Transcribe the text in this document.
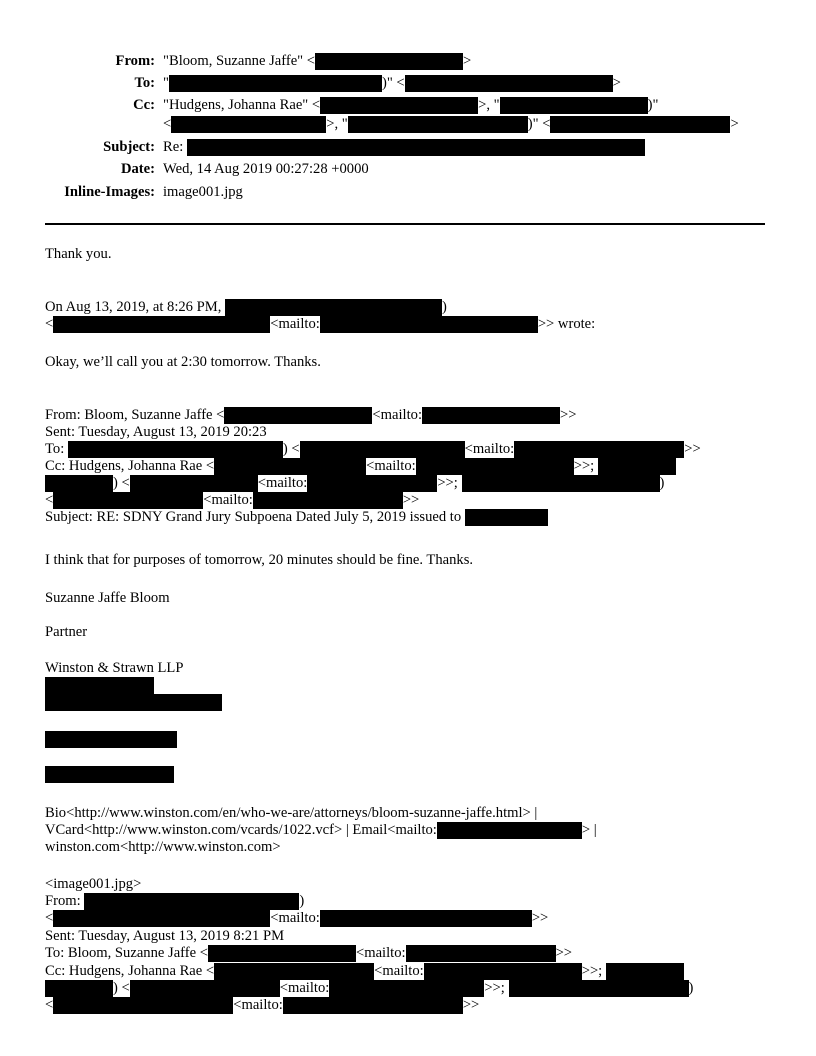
From: "Bloom, Suzanne Jaffe" <	>
To: "	)" <	>
Cc: "Hudgens, Johanna Rae" <	>, "	)"
<	>, "	)" <	>
Subject: Re:
Date: Wed, 14 Aug 2019 00:27:28 +0000
Inline-Images: image001.jpg
Thank you.
On Aug 13, 2019, at 8:26 PM,	)
<	<mailto:	>> wrote:
Okay, we’ll call you at 2:30 tomorrow. Thanks.
From: Bloom, Suzanne Jaffe <	<mailto:	>>
Sent: Tuesday, August 13, 2019 20:23
To:	) <	<mailto:	>>
Cc: Hudgens, Johanna Rae <	<mailto:	>>;
) <	<mailto:	>>;	)
<	<mailto:	>>
Subject: RE: SDNY Grand Jury Subpoena Dated July 5, 2019 issued to
I think that for purposes of tomorrow, 20 minutes should be fine. Thanks.
Suzanne Jaffe Bloom
Partner
Winston & Strawn LLP
Bio<http://www.winston.com/en/who-we-are/attorneys/bloom-suzanne-jaffe.html> |
VCard<http://www.winston.com/vcards/1022.vcf> | Email<mailto:	> |
winston.com<http://www.winston.com>
<image001.jpg>
From:	)
<	<mailto:	>>
Sent: Tuesday, August 13, 2019 8:21 PM
To: Bloom, Suzanne Jaffe <	<mailto:	>>
Cc: Hudgens, Johanna Rae <	<mailto:	>>;
) <	<mailto:	>>;	)
<	<mailto:	>>
